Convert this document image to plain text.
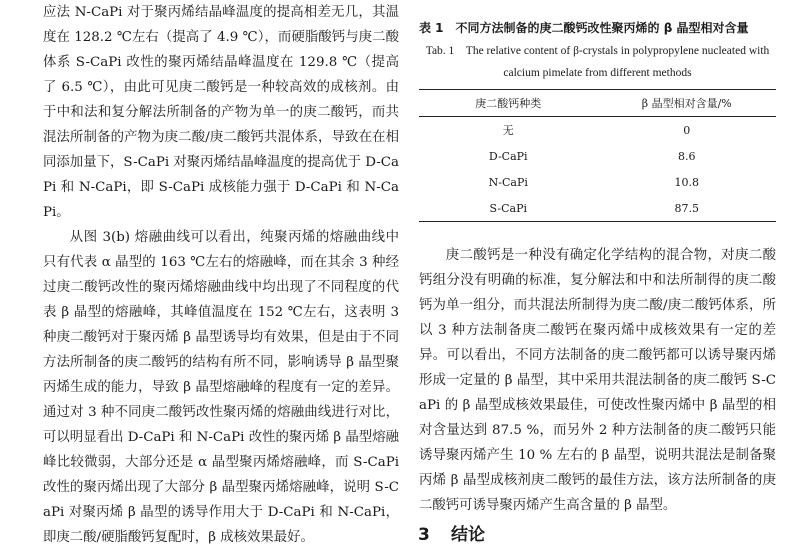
应法 N-CaPi 对于聚丙烯结晶峰温度的提高相差无几，其温度在 128.2 ℃左右（提高了 4.9 ℃），而硬脂酸钙与庚二酸体系 S-CaPi 改性的聚丙烯结晶峰温度在 129.8 ℃（提高了 6.5 ℃），由此可见庚二酸钙是一种较高效的成核剂。由于中和法和复分解法所制备的产物为单一的庚二酸钙，而共混法所制备的产物为庚二酸/庚二酸钙共混体系，导致在在相同添加量下，S-CaPi 对聚丙烯结晶峰温度的提高优于 D-CaPi 和 N-CaPi，即 S-CaPi 成核能力强于 D-CaPi 和 N-CaPi。

从图 3(b) 熔融曲线可以看出，纯聚丙烯的熔融曲线中只有代表 α 晶型的 163 ℃左右的熔融峰，而在其余 3 种经过庚二酸钙改性的聚丙烯熔融曲线中均出现了不同程度的代表 β 晶型的熔融峰，其峰值温度在 152 ℃左右，这表明 3 种庚二酸钙对于聚丙烯 β 晶型诱导均有效果，但是由于不同方法所制备的庚二酸钙的结构有所不同，影响诱导 β 晶型聚丙烯生成的能力，导致 β 晶型熔融峰的程度有一定的差异。通过对 3 种不同庚二酸钙改性聚丙烯的熔融曲线进行对比，可以明显看出 D-CaPi 和 N-CaPi 改性的聚丙烯 β 晶型熔融峰比较微弱，大部分还是 α 晶型聚丙烯熔融峰，而 S-CaPi 改性的聚丙烯出现了大部分 β 晶型聚丙烯熔融峰，说明 S-CaPi 对聚丙烯 β 晶型的诱导作用大于 D-CaPi 和 N-CaPi，即庚二酸/硬脂酸钙复配时，β 成核效果最好。

表 1　不同方法制备的庚二酸钙改性聚丙烯的 β 晶型相对含量
Tab. 1　The relative content of β-crystals in polypropylene nucleated with calcium pimelate from different methods
庚二酸钙种类	β 晶型相对含量/%
无	0
D-CaPi	8.6
N-CaPi	10.8
S-CaPi	87.5

庚二酸钙是一种没有确定化学结构的混合物，对庚二酸钙组分没有明确的标准，复分解法和中和法所制得的庚二酸钙为单一组分，而共混法所制得为庚二酸/庚二酸钙体系，所以 3 种方法制备庚二酸钙在聚丙烯中成核效果有一定的差异。可以看出，不同方法制备的庚二酸钙都可以诱导聚丙烯形成一定量的 β 晶型，其中采用共混法制备的庚二酸钙 S-CaPi 的 β 晶型成核效果最佳，可使改性聚丙烯中 β 晶型的相对含量达到 87.5 %，而另外 2 种方法制备的庚二酸钙只能诱导聚丙烯产生 10 % 左右的 β 晶型，说明共混法是制备聚丙烯 β 晶型成核剂庚二酸钙的最佳方法，该方法所制备的庚二酸钙可诱导聚丙烯产生高含量的 β 晶型。

3 结论
